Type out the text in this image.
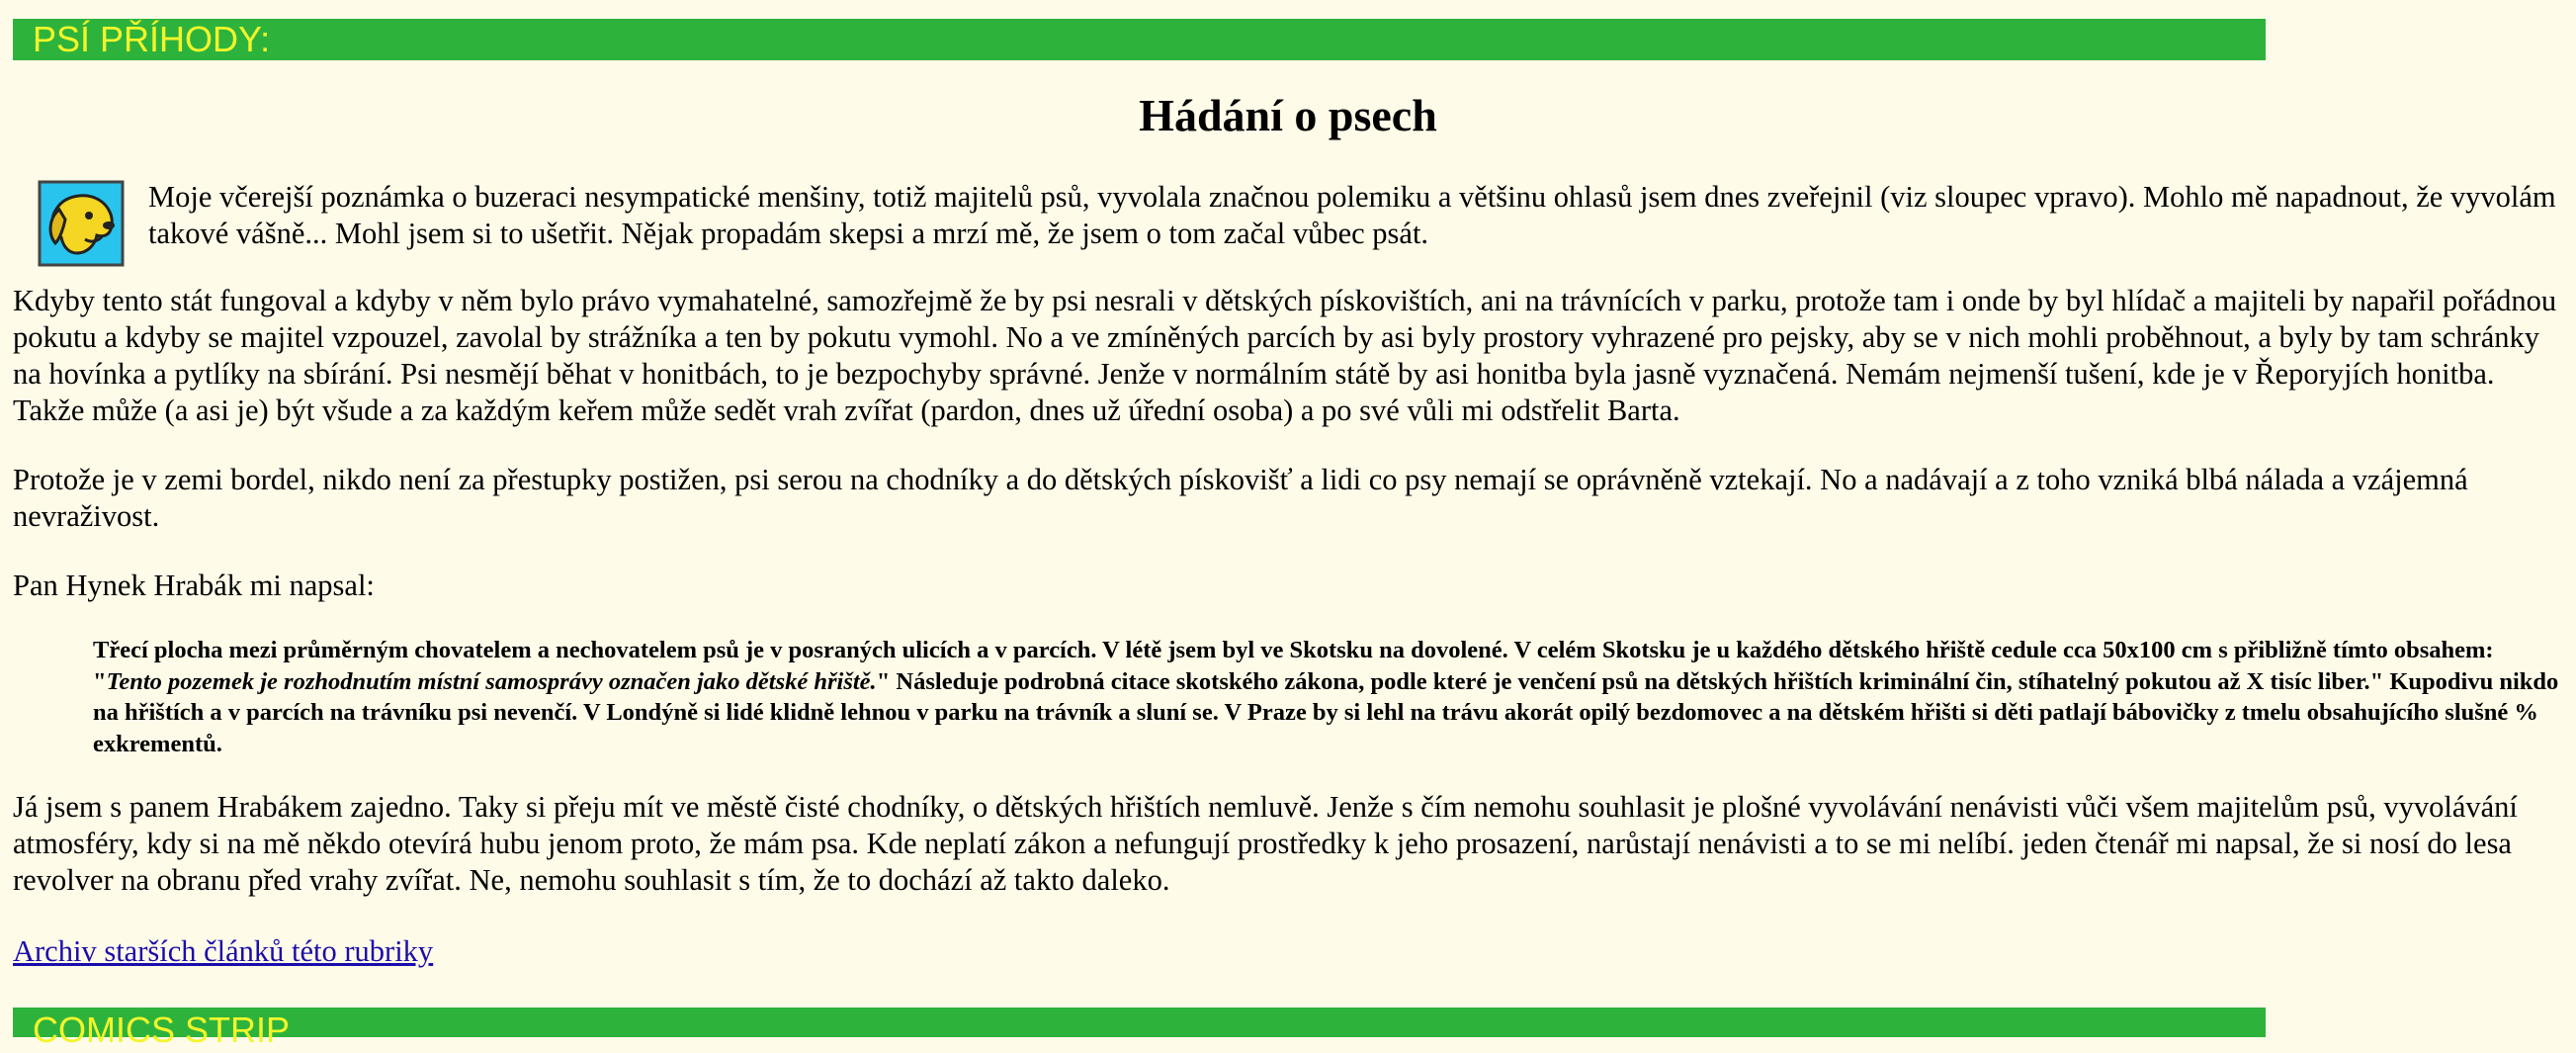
PSÍ PŘÍHODY:
Hádání o psech

Moje včerejší poznámka o buzeraci nesympatické menšiny, totiž majitelů psů, vyvolala značnou polemiku a většinu ohlasů jsem dnes zveřejnil (viz sloupec vpravo). Mohlo mě napadnout, že vyvolám takové vášně... Mohl jsem si to ušetřit. Nějak propadám skepsi a mrzí mě, že jsem o tom začal vůbec psát.

Kdyby tento stát fungoval a kdyby v něm bylo právo vymahatelné, samozřejmě že by psi nesrali v dětských pískovištích, ani na trávnících v parku, protože tam i onde by byl hlídač a majiteli by napařil pořádnou pokutu a kdyby se majitel vzpouzel, zavolal by strážníka a ten by pokutu vymohl. No a ve zmíněných parcích by asi byly prostory vyhrazené pro pejsky, aby se v nich mohli proběhnout, a byly by tam schránky na hovínka a pytlíky na sbírání. Psi nesmějí běhat v honitbách, to je bezpochyby správné. Jenže v normálním státě by asi honitba byla jasně vyznačená. Nemám nejmenší tušení, kde je v Řeporyjích honitba. Takže může (a asi je) být všude a za každým keřem může sedět vrah zvířat (pardon, dnes už úřední osoba) a po své vůli mi odstřelit Barta.

Protože je v zemi bordel, nikdo není za přestupky postižen, psi serou na chodníky a do dětských pískovišť a lidi co psy nemají se oprávněně vztekají. No a nadávají a z toho vzniká blbá nálada a vzájemná nevraživost.

Pan Hynek Hrabák mi napsal:

Třecí plocha mezi průměrným chovatelem a nechovatelem psů je v posraných ulicích a v parcích. V létě jsem byl ve Skotsku na dovolené. V celém Skotsku je u každého dětského hřiště cedule cca 50x100 cm s přibližně tímto obsahem: "Tento pozemek je rozhodnutím místní samosprávy označen jako dětské hřiště." Následuje podrobná citace skotského zákona, podle které je venčení psů na dětských hřištích kriminální čin, stíhatelný pokutou až X tisíc liber." Kupodivu nikdo na hřištích a v parcích na trávníku psi nevenčí. V Londýně si lidé klidně lehnou v parku na trávník a sluní se. V Praze by si lehl na trávu akorát opilý bezdomovec a na dětském hřišti si děti patlají bábovičky z tmelu obsahujícího slušné % exkrementů.

Já jsem s panem Hrabákem zajedno. Taky si přeju mít ve městě čisté chodníky, o dětských hřištích nemluvě. Jenže s čím nemohu souhlasit je plošné vyvolávání nenávisti vůči všem majitelům psů, vyvolávání atmosféry, kdy si na mě někdo otevírá hubu jenom proto, že mám psa. Kde neplatí zákon a nefungují prostředky k jeho prosazení, narůstají nenávisti a to se mi nelíbí. jeden čtenář mi napsal, že si nosí do lesa revolver na obranu před vrahy zvířat. Ne, nemohu souhlasit s tím, že to dochází až takto daleko.

Archiv starších článků této rubriky
COMICS STRIP
